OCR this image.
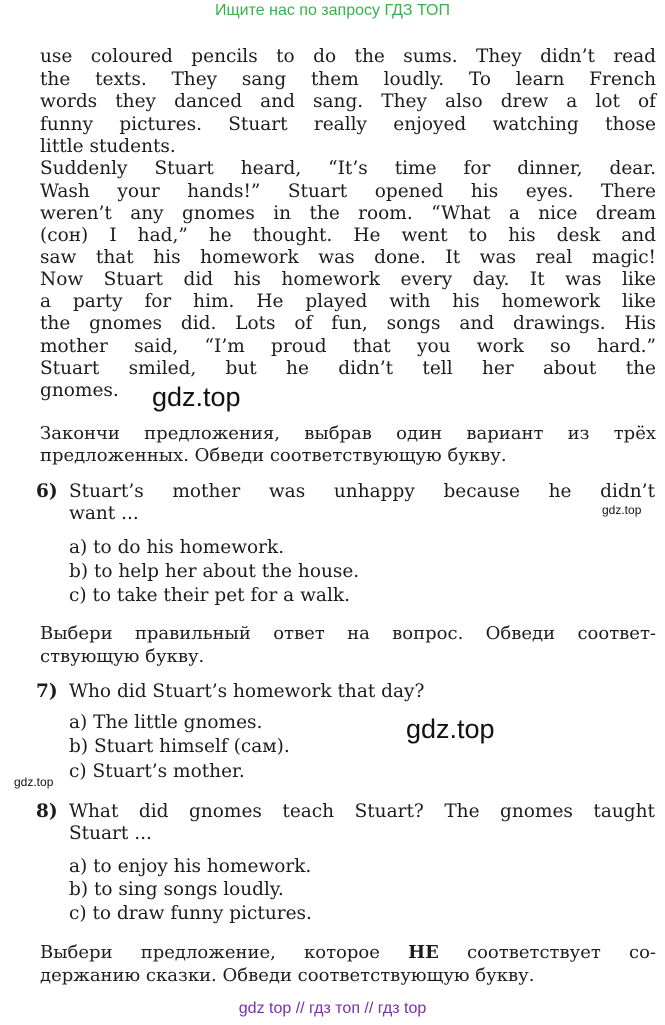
Ищите нас по запросу ГДЗ ТОП
use coloured pencils to do the sums. They didn’t read
the texts. They sang them loudly. To learn French
words they danced and sang. They also drew a lot of
funny pictures. Stuart really enjoyed watching those
little students.
Suddenly Stuart heard, “It’s time for dinner, dear.
Wash your hands!” Stuart opened his eyes. There
weren’t any gnomes in the room. “What a nice dream
(сон) I had,” he thought. He went to his desk and
saw that his homework was done. It was real magic!
Now Stuart did his homework every day. It was like
a party for him. He played with his homework like
the gnomes did. Lots of fun, songs and drawings. His
mother said, “I’m proud that you work so hard.”
Stuart smiled, but he didn’t tell her about the
gnomes.	gdz.top
Закончи предложения, выбрав один вариант из трёх
предложенных. Обведи соответствующую букву.
6) Stuart’s mother was unhappy because he didn’t
want ...
a) to do his homework.
b) to help her about the house.
c) to take their pet for a walk.
gdz.top
Выбери правильный ответ на вопрос. Обведи соответ-
ствующую букву.
7) Who did Stuart’s homework that day?
a) The little gnomes.
b) Stuart himself (сам).
c) Stuart’s mother.
gdz.top
gdz.top
8) What did gnomes teach Stuart? The gnomes taught
Stuart ...
a) to enjoy his homework.
b) to sing songs loudly.
c) to draw funny pictures.
Выбери предложение, которое НЕ соответствует со-
держанию сказки. Обведи соответствующую букву.
gdz top // гдз топ // гдз top
